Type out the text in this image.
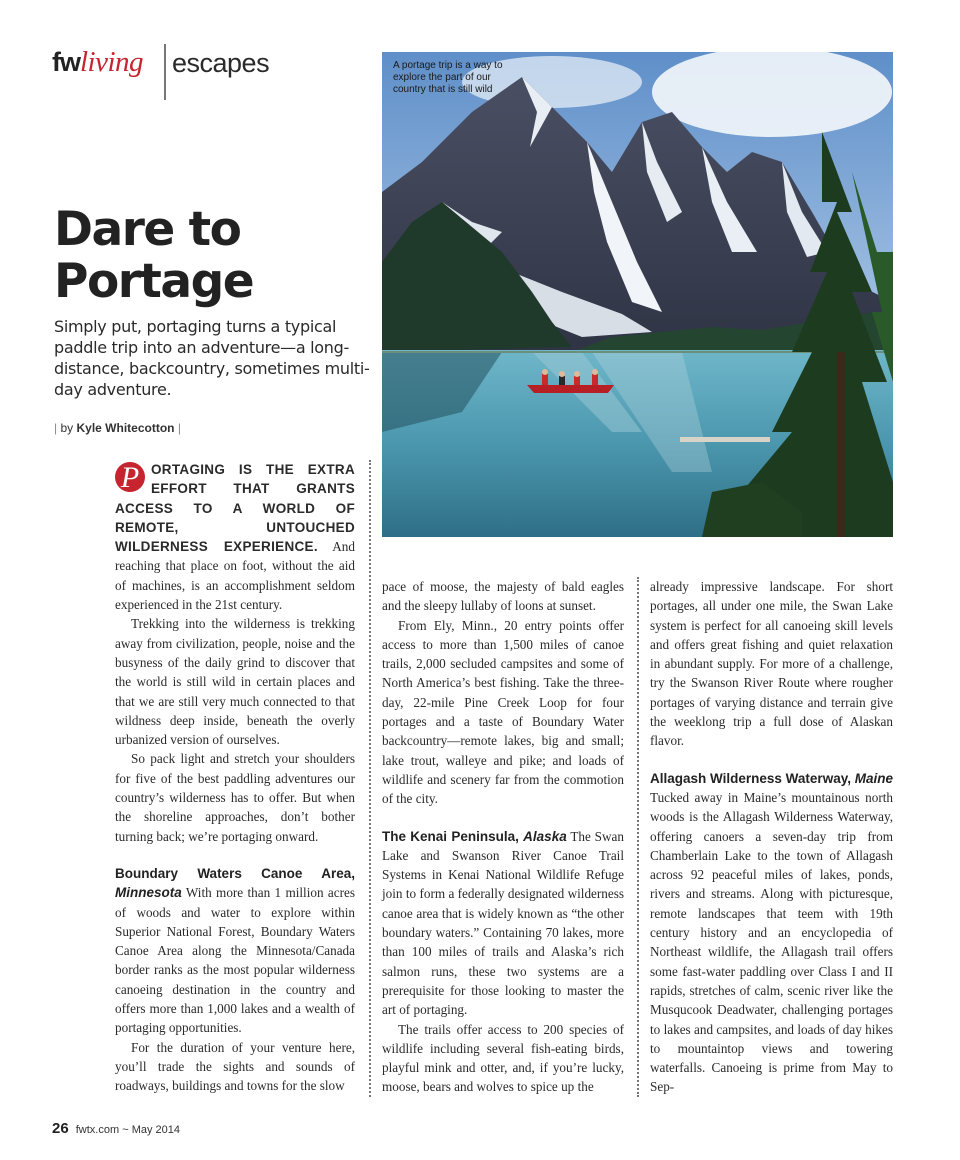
fwliving escapes
Dare to
Portage

Simply put, portaging turns a typical paddle trip into an adventure—a long-distance, backcountry, sometimes multi-day adventure.

| by Kyle Whitecotton |
A portage trip is a way to explore the part of our country that is still wild

P ORTAGING IS THE EXTRA EFFORT THAT GRANTS ACCESS TO A WORLD OF REMOTE, UNTOUCHED WILDERNESS EXPERIENCE. And reaching that place on foot, without the aid of machines, is an accomplishment seldom experienced in the 21st century.

Trekking into the wilderness is trekking away from civilization, people, noise and the busyness of the daily grind to discover that the world is still wild in certain places and that we are still very much connected to that wildness deep inside, beneath the overly urbanized version of ourselves.

So pack light and stretch your shoulders for five of the best paddling adventures our country’s wilderness has to offer. But when the shoreline approaches, don’t bother turning back; we’re portaging onward.

Boundary Waters Canoe Area, Minnesota With more than 1 million acres of woods and water to explore within Superior National Forest, Boundary Waters Canoe Area along the Minnesota/Canada border ranks as the most popular wilderness canoeing destination in the country and offers more than 1,000 lakes and a wealth of portaging opportunities.

For the duration of your venture here, you’ll trade the sights and sounds of roadways, buildings and towns for the slow

pace of moose, the majesty of bald eagles and the sleepy lullaby of loons at sunset.

From Ely, Minn., 20 entry points offer access to more than 1,500 miles of canoe trails, 2,000 secluded campsites and some of North America’s best fishing. Take the three-day, 22-mile Pine Creek Loop for four portages and a taste of Boundary Water backcountry—remote lakes, big and small; lake trout, walleye and pike; and loads of wildlife and scenery far from the commotion of the city.

The Kenai Peninsula, Alaska The Swan Lake and Swanson River Canoe Trail Systems in Kenai National Wildlife Refuge join to form a federally designated wilderness canoe area that is widely known as “the other boundary waters.” Containing 70 lakes, more than 100 miles of trails and Alaska’s rich salmon runs, these two systems are a prerequisite for those looking to master the art of portaging.

The trails offer access to 200 species of wildlife including several fish-eating birds, playful mink and otter, and, if you’re lucky, moose, bears and wolves to spice up the

already impressive landscape. For short portages, all under one mile, the Swan Lake system is perfect for all canoeing skill levels and offers great fishing and quiet relaxation in abundant supply. For more of a challenge, try the Swanson River Route where rougher portages of varying distance and terrain give the weeklong trip a full dose of Alaskan flavor.

Allagash Wilderness Waterway, Maine Tucked away in Maine’s mountainous north woods is the Allagash Wilderness Waterway, offering canoers a seven-day trip from Chamberlain Lake to the town of Allagash across 92 peaceful miles of lakes, ponds, rivers and streams. Along with picturesque, remote landscapes that teem with 19th century history and an encyclopedia of Northeast wildlife, the Allagash trail offers some fast-water paddling over Class I and II rapids, stretches of calm, scenic river like the Musqucook Deadwater, challenging portages to lakes and campsites, and loads of day hikes to mountaintop views and towering waterfalls. Canoeing is prime from May to Sep-

26 fwtx.com ~ May 2014
